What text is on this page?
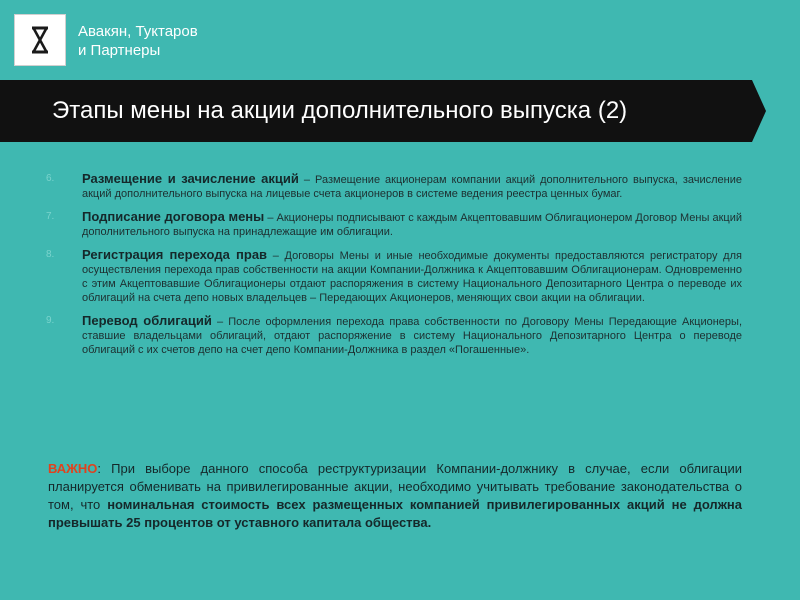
Авакян, Туктаров
и Партнеры
Этапы мены на акции дополнительного выпуска (2)
6. Размещение и зачисление акций – Размещение акционерам компании акций дополнительного выпуска, зачисление акций дополнительного выпуска на лицевые счета акционеров в системе ведения реестра ценных бумаг.
7. Подписание договора мены – Акционеры подписывают с каждым Акцептовавшим Облигационером Договор Мены акций дополнительного выпуска на принадлежащие им облигации.
8. Регистрация перехода прав – Договоры Мены и иные необходимые документы предоставляются регистратору для осуществления перехода прав собственности на акции Компании-Должника к Акцептовавшим Облигационерам. Одновременно с этим Акцептовавшие Облигационеры отдают распоряжения в систему Национального Депозитарного Центра о переводе их облигаций на счета депо новых владельцев – Передающих Акционеров, меняющих свои акции на облигации.
9. Перевод облигаций – После оформления перехода права собственности по Договору Мены Передающие Акционеры, ставшие владельцами облигаций, отдают распоряжение в систему Национального Депозитарного Центра о переводе облигаций с их счетов депо на счет депо Компании-Должника в раздел «Погашенные».
ВАЖНО: При выборе данного способа реструктуризации Компании-должнику в случае, если облигации планируется обменивать на привилегированные акции, необходимо учитывать требование законодательства о том, что номинальная стоимость всех размещенных компанией привилегированных акций не должна превышать 25 процентов от уставного капитала общества.
